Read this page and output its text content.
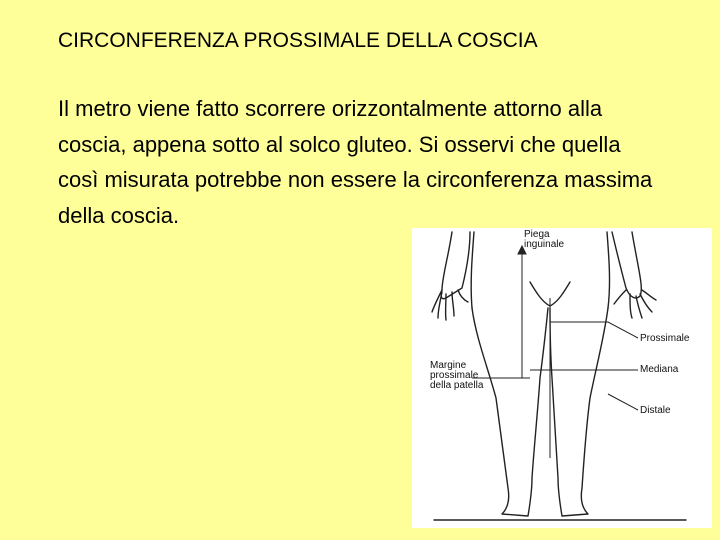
CIRCONFERENZA PROSSIMALE DELLA COSCIA
Il metro viene fatto scorrere orizzontalmente attorno alla coscia, appena sotto al solco gluteo. Si osservi che quella così misurata potrebbe non essere la circonferenza massima della coscia.
Piega
inguinale
Prossimale
Mediana
Distale
Margine
prossimale
della patella
